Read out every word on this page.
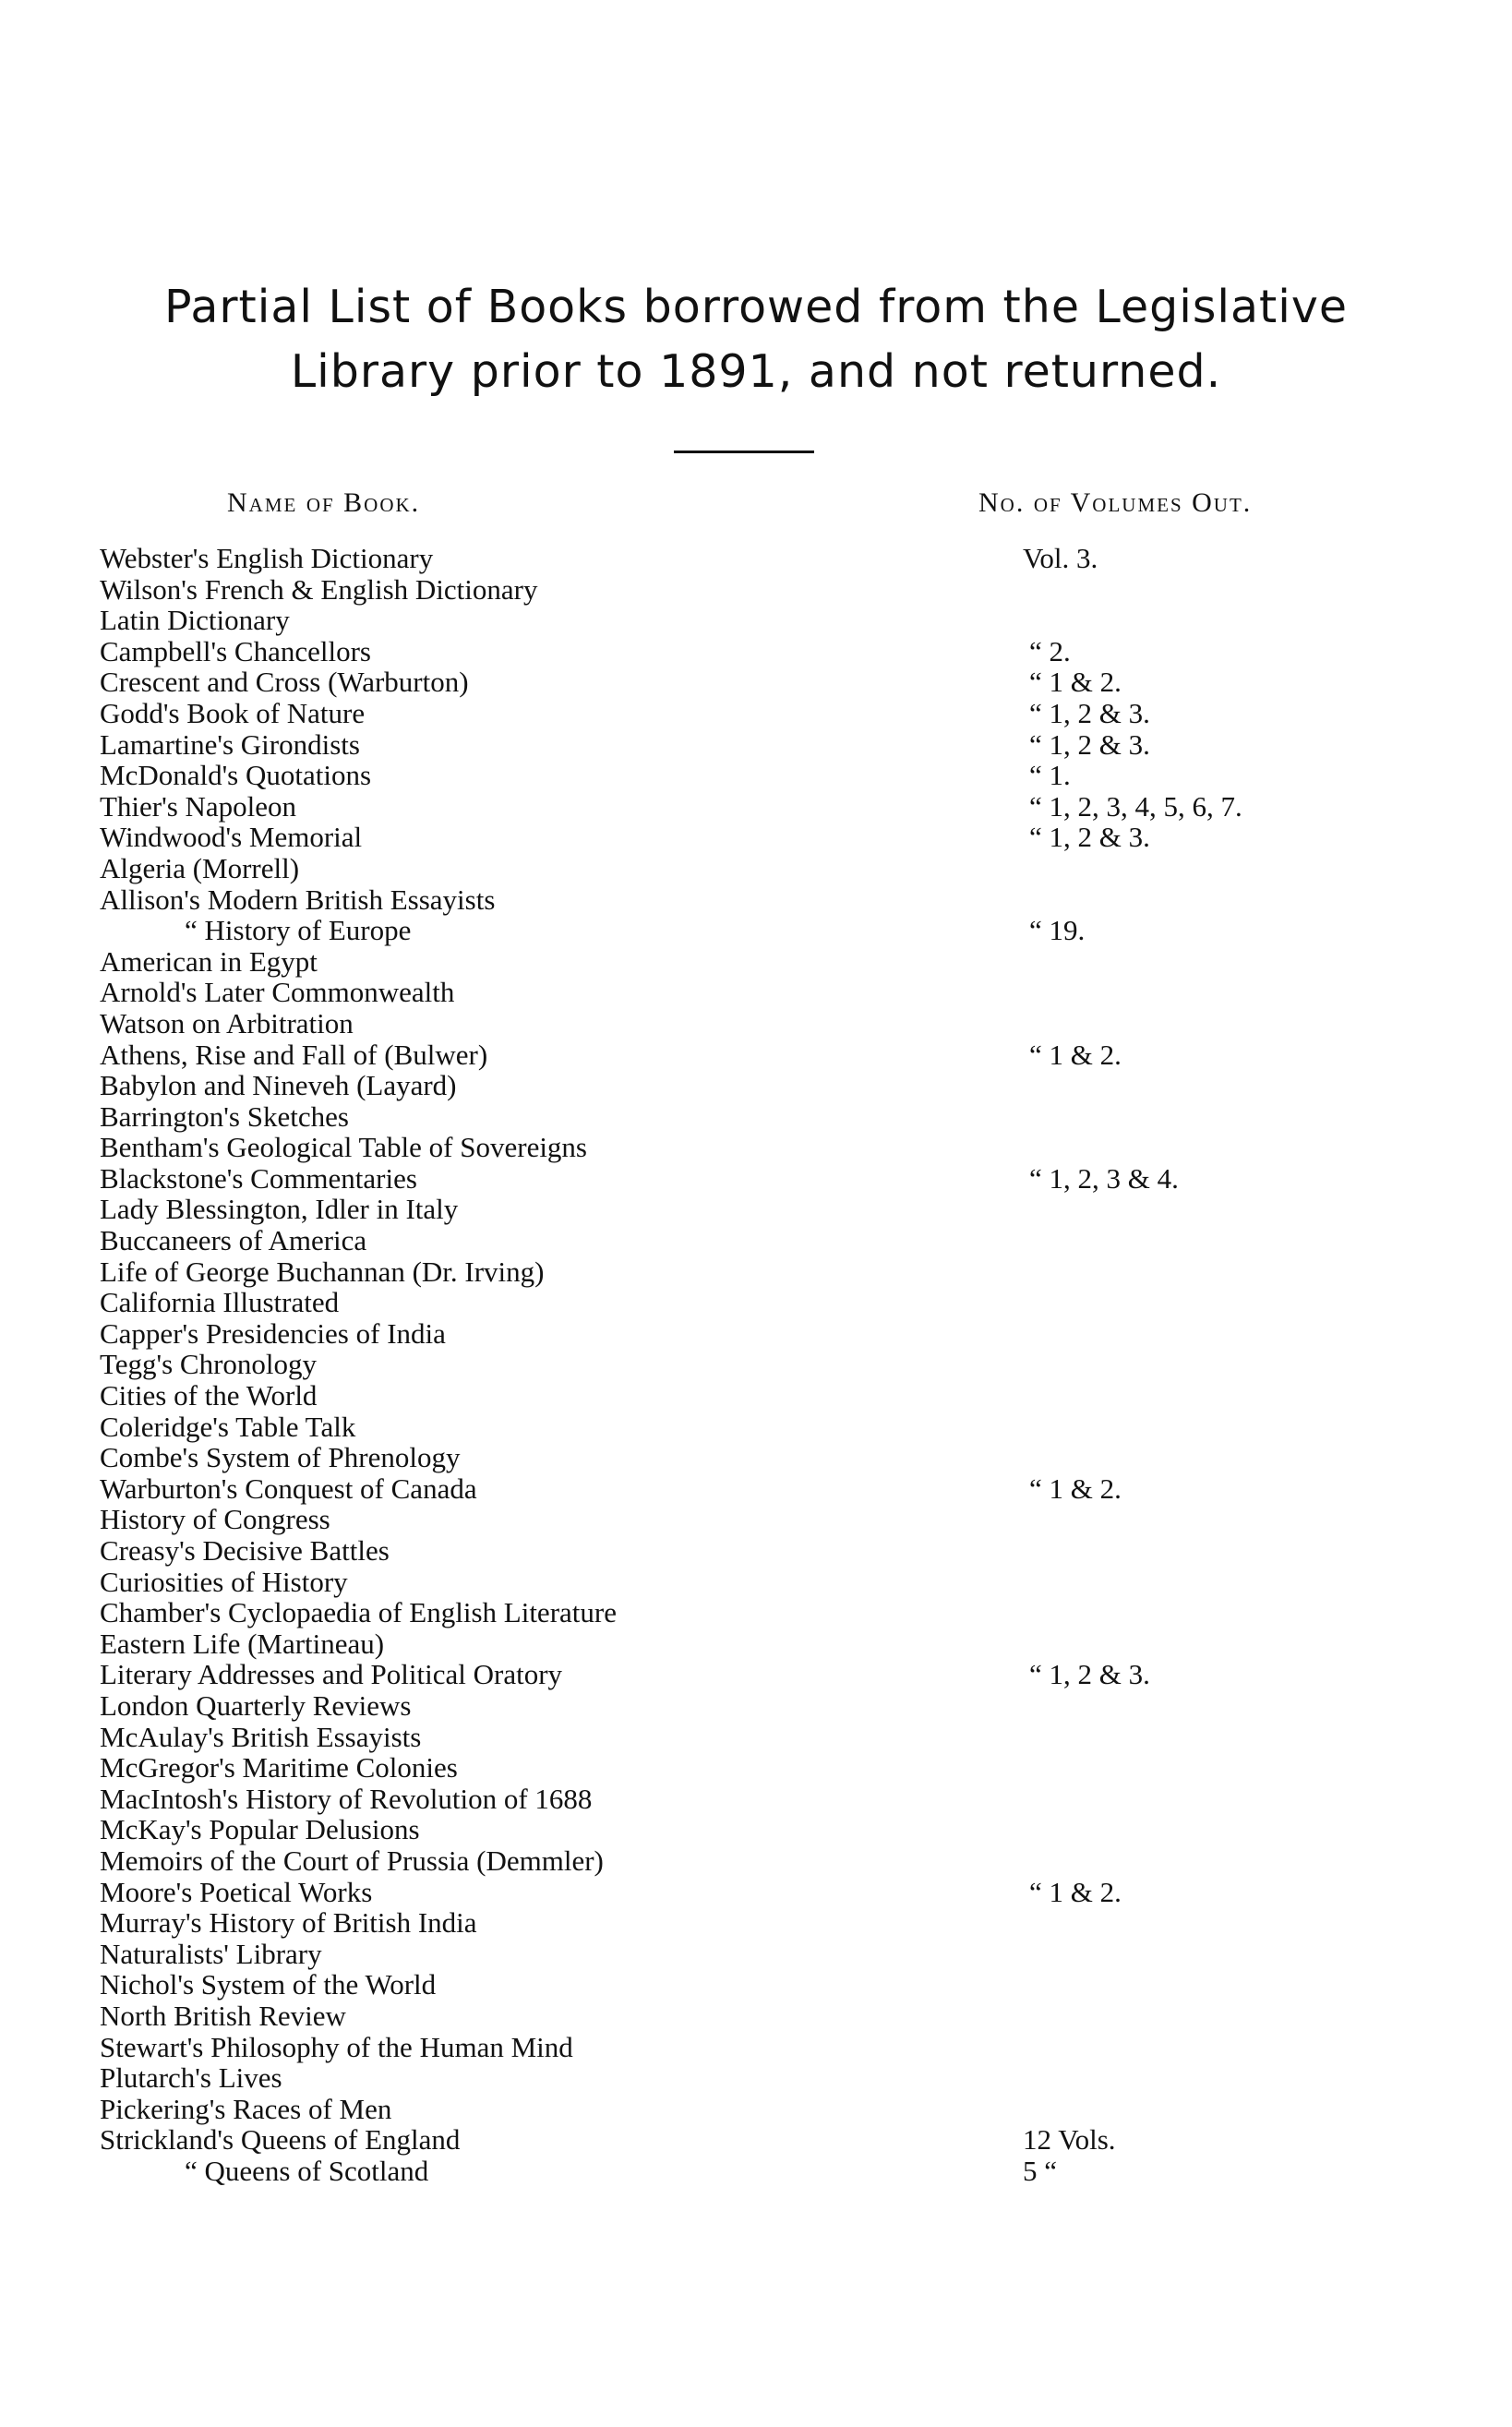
Partial List of Books borrowed from the Legislative
Library prior to 1891, and not returned.
Name of Book.	No. of Volumes Out.
Webster's English Dictionary	Vol. 3.
Wilson's French & English Dictionary
Latin Dictionary
Campbell's Chancellors	“ 2.
Crescent and Cross (Warburton)	“ 1 & 2.
Godd's Book of Nature	“ 1, 2 & 3.
Lamartine's Girondists	“ 1, 2 & 3.
McDonald's Quotations	“ 1.
Thier's Napoleon	“ 1, 2, 3, 4, 5, 6, 7.
Windwood's Memorial	“ 1, 2 & 3.
Algeria (Morrell)
Allison's Modern British Essayists
“ History of Europe	“ 19.
American in Egypt
Arnold's Later Commonwealth
Watson on Arbitration
Athens, Rise and Fall of (Bulwer)	“ 1 & 2.
Babylon and Nineveh (Layard)
Barrington's Sketches
Bentham's Geological Table of Sovereigns
Blackstone's Commentaries	“ 1, 2, 3 & 4.
Lady Blessington, Idler in Italy
Buccaneers of America
Life of George Buchannan (Dr. Irving)
California Illustrated
Capper's Presidencies of India
Tegg's Chronology
Cities of the World
Coleridge's Table Talk
Combe's System of Phrenology
Warburton's Conquest of Canada	“ 1 & 2.
History of Congress
Creasy's Decisive Battles
Curiosities of History
Chamber's Cyclopaedia of English Literature
Eastern Life (Martineau)
Literary Addresses and Political Oratory	“ 1, 2 & 3.
London Quarterly Reviews
McAulay's British Essayists
McGregor's Maritime Colonies
MacIntosh's History of Revolution of 1688
McKay's Popular Delusions
Memoirs of the Court of Prussia (Demmler)
Moore's Poetical Works	“ 1 & 2.
Murray's History of British India
Naturalists' Library
Nichol's System of the World
North British Review
Stewart's Philosophy of the Human Mind
Plutarch's Lives
Pickering's Races of Men
Strickland's Queens of England	12 Vols.
“ Queens of Scotland	5 “
